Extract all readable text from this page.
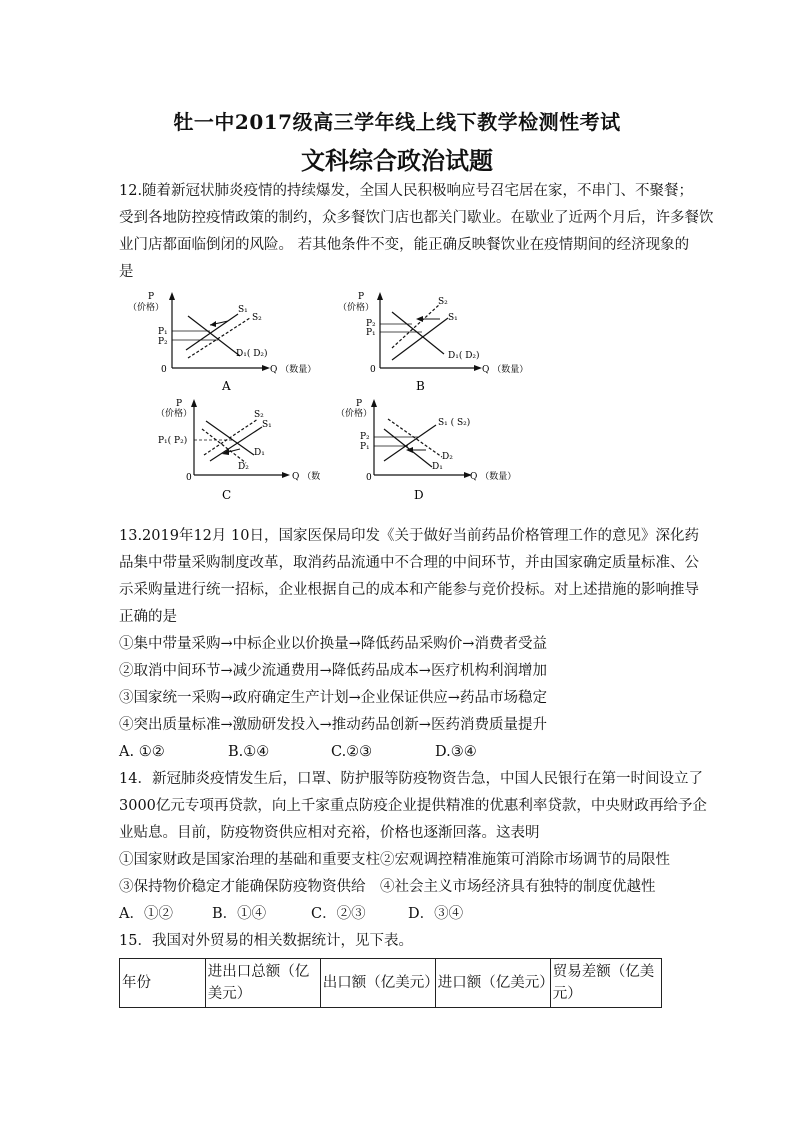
牡一中2017级高三学年线上线下教学检测性考试
文科综合政治试题
12.随着新冠状肺炎疫情的持续爆发，全国人民积极响应号召宅居在家，不串门、不聚餐；
受到各地防控疫情政策的制约，众多餐饮门店也都关门歇业。在歇业了近两个月后，许多餐饮
业门店都面临倒闭的风险。 若其他条件不变，能正确反映餐饮业在疫情期间的经济现象的
是
P
（价格）
0	Q （数量）
S₁
S₂
D₁( D₂)
P₁
P₂
A
P
（价格）
0	Q （数量）
S₂
S₁
D₁( D₂)
P₂
P₁
B
P
（价格）
0	Q （数
S₂
S₁
D₁
D₂
P₁( P₂)
C
P
（价格）
0	Q （数量）
S₁ ( S₂)
D₂
D₁
P₂
P₁
D
13.2019年12月 10日，国家医保局印发《关于做好当前药品价格管理工作的意见》深化药
品集中带量采购制度改革，取消药品流通中不合理的中间环节，并由国家确定质量标准、公
示采购量进行统一招标，企业根据自己的成本和产能参与竞价投标。对上述措施的影响推导
正确的是
①集中带量采购→中标企业以价换量→降低药品采购价→消费者受益
②取消中间环节→减少流通费用→降低药品成本→医疗机构利润增加
③国家统一采购→政府确定生产计划→企业保证供应→药品市场稳定
④突出质量标准→激励研发投入→推动药品创新→医药消费质量提升
A. ①②	B.①④	C.②③	D.③④
14．新冠肺炎疫情发生后，口罩、防护服等防疫物资告急，中国人民银行在第一时间设立了
3000亿元专项再贷款，向上千家重点防疫企业提供精准的优惠利率贷款，中央财政再给予企
业贴息。目前，防疫物资供应相对充裕，价格也逐渐回落。这表明
①国家财政是国家治理的基础和重要支柱②宏观调控精准施策可消除市场调节的局限性
③保持物价稳定才能确保防疫物资供给　④社会主义市场经济具有独特的制度优越性
A．①②	B．①④	C．②③	D．③④
15．我国对外贸易的相关数据统计，见下表。
年份	进出口总额（亿美元）	出口额（亿美元）	进口额（亿美元）	贸易差额（亿美元）
